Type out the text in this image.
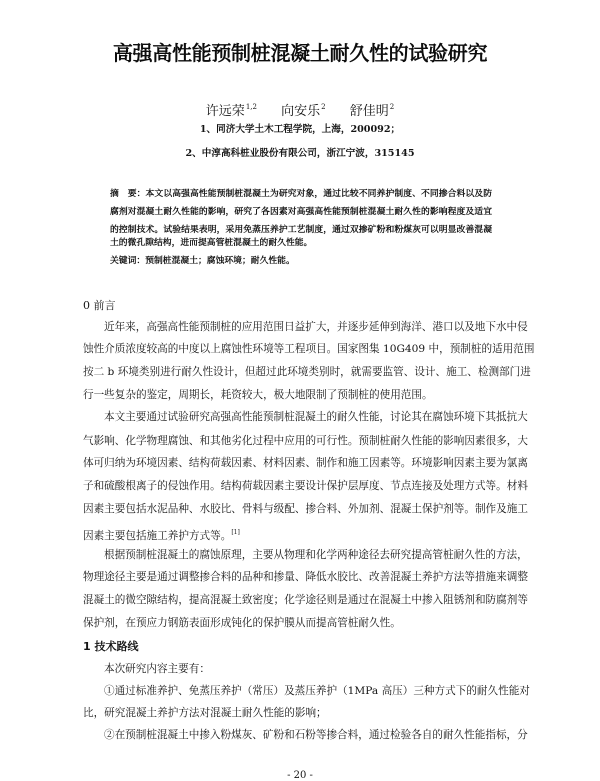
高强高性能预制桩混凝土耐久性的试验研究
许远荣$^{1,2}$ 向安乐$^2$ 舒佳明$^2$
1、同济大学土木工程学院，上海，200092；
2、中淳高科桩业股份有限公司，浙江宁波，315145
摘　要：本文以高强高性能预制桩混凝土为研究对象，通过比较不同养护制度、不同掺合料以及防
腐剂对混凝土耐久性能的影响，研究了各因素对高强高性能预制桩混凝土耐久性的影响程度及适宜
的控制技术。试验结果表明，采用免蒸压养护工艺制度，通过双掺矿粉和粉煤灰可以明显改善混凝
土的微孔隙结构，进而提高管桩混凝土的耐久性能。
关键词：预制桩混凝土；腐蚀环境；耐久性能。
0 前言
近年来，高强高性能预制桩的应用范围日益扩大，并逐步延伸到海洋、港口以及地下水中侵
蚀性介质浓度较高的中度以上腐蚀性环境等工程项目。国家图集 10G409 中，预制桩的适用范围
按二 b 环境类别进行耐久性设计，但超过此环境类别时，就需要监管、设计、施工、检测部门进
行一些复杂的鉴定，周期长，耗资较大，极大地限制了预制桩的使用范围。
本文主要通过试验研究高强高性能预制桩混凝土的耐久性能，讨论其在腐蚀环境下其抵抗大
气影响、化学物理腐蚀、和其他劣化过程中应用的可行性。预制桩耐久性能的影响因素很多，大
体可归纳为环境因素、结构荷载因素、材料因素、制作和施工因素等。环境影响因素主要为氯离
子和硫酸根离子的侵蚀作用。结构荷载因素主要设计保护层厚度、节点连接及处理方式等。材料
因素主要包括水泥品种、水胶比、骨料与级配、掺合料、外加剂、混凝土保护剂等。制作及施工
因素主要包括施工养护方式等。[1]
根据预制桩混凝土的腐蚀原理，主要从物理和化学两种途径去研究提高管桩耐久性的方法，
物理途径主要是通过调整掺合料的品种和掺量、降低水胶比、改善混凝土养护方法等措施来调整
混凝土的微空隙结构，提高混凝土致密度；化学途径则是通过在混凝土中掺入阻锈剂和防腐剂等
保护剂，在预应力钢筋表面形成钝化的保护膜从而提高管桩耐久性。
1 技术路线
本次研究内容主要有：
①通过标准养护、免蒸压养护（常压）及蒸压养护（1MPa 高压）三种方式下的耐久性能对
比，研究混凝土养护方法对混凝土耐久性能的影响；
②在预制桩混凝土中掺入粉煤灰、矿粉和石粉等掺合料，通过检验各自的耐久性能指标，分
- 20 -
